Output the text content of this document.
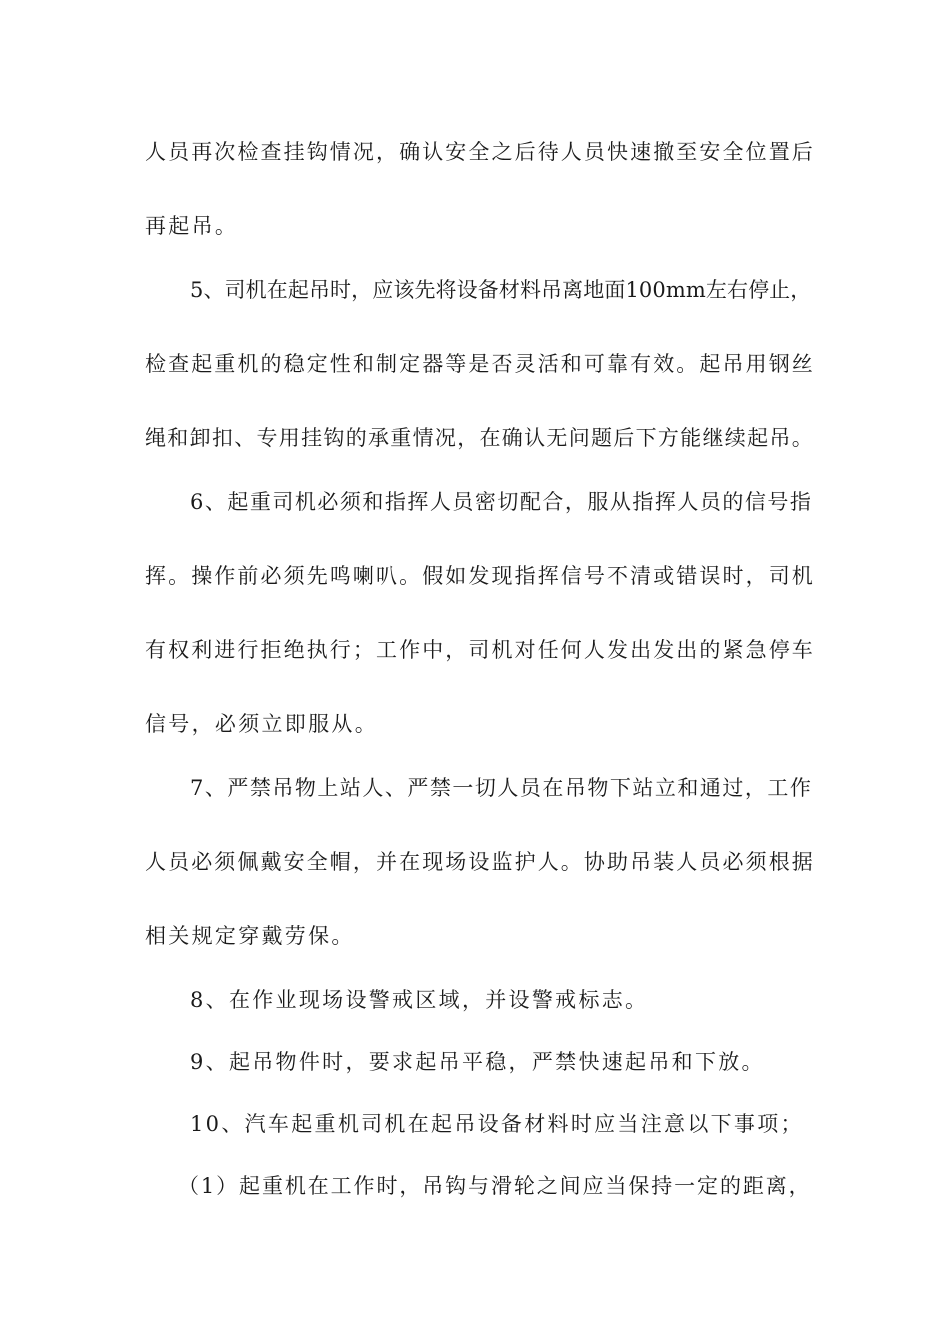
人员再次检查挂钩情况，确认安全之后待人员快速撤至安全位置后
再起吊。
5、司机在起吊时，应该先将设备材料吊离地面100mm左右停止，
检查起重机的稳定性和制定器等是否灵活和可靠有效。起吊用钢丝
绳和卸扣、专用挂钩的承重情况，在确认无问题后下方能继续起吊。
6、起重司机必须和指挥人员密切配合，服从指挥人员的信号指
挥。操作前必须先鸣喇叭。假如发现指挥信号不清或错误时，司机
有权利进行拒绝执行；工作中，司机对任何人发出发出的紧急停车
信号，必须立即服从。
7、严禁吊物上站人、严禁一切人员在吊物下站立和通过，工作
人员必须佩戴安全帽，并在现场设监护人。协助吊装人员必须根据
相关规定穿戴劳保。
8、在作业现场设警戒区域，并设警戒标志。
9、起吊物件时，要求起吊平稳，严禁快速起吊和下放。
10、汽车起重机司机在起吊设备材料时应当注意以下事项；
（1）起重机在工作时，吊钩与滑轮之间应当保持一定的距离，
